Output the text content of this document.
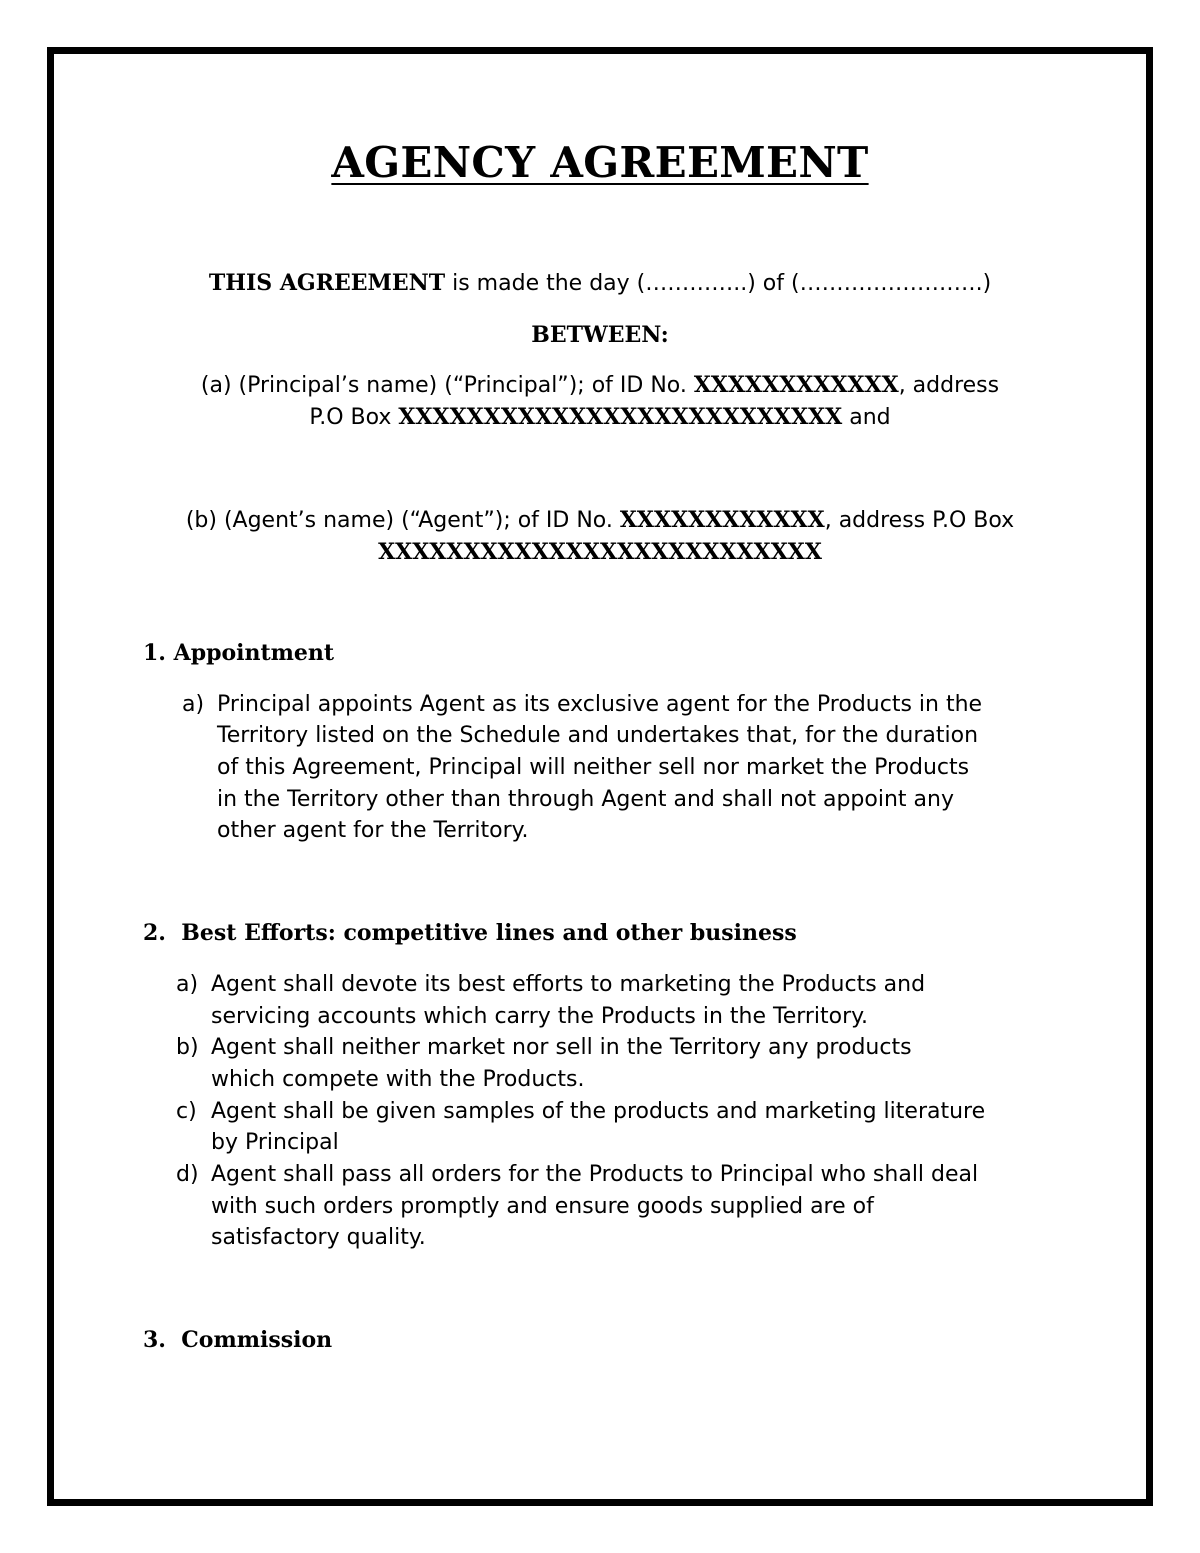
AGENCY AGREEMENT

THIS AGREEMENT is made the day (…………..) of (…………………….)

BETWEEN:

(a) (Principal’s name) (“Principal”); of ID No. XXXXXXXXXXXX, address

P.O Box XXXXXXXXXXXXXXXXXXXXXXXXXX and

(b) (Agent’s name) (“Agent”); of ID No. XXXXXXXXXXXX, address P.O Box

XXXXXXXXXXXXXXXXXXXXXXXXXX

1. Appointment

a) Principal appoints Agent as its exclusive agent for the Products in the
Territory listed on the Schedule and undertakes that, for the duration
of this Agreement, Principal will neither sell nor market the Products
in the Territory other than through Agent and shall not appoint any
other agent for the Territory.

2.  Best Efforts: competitive lines and other business

a) Agent shall devote its best efforts to marketing the Products and
servicing accounts which carry the Products in the Territory.
b) Agent shall neither market nor sell in the Territory any products
which compete with the Products.
c) Agent shall be given samples of the products and marketing literature
by Principal
d) Agent shall pass all orders for the Products to Principal who shall deal
with such orders promptly and ensure goods supplied are of
satisfactory quality.

3.  Commission
